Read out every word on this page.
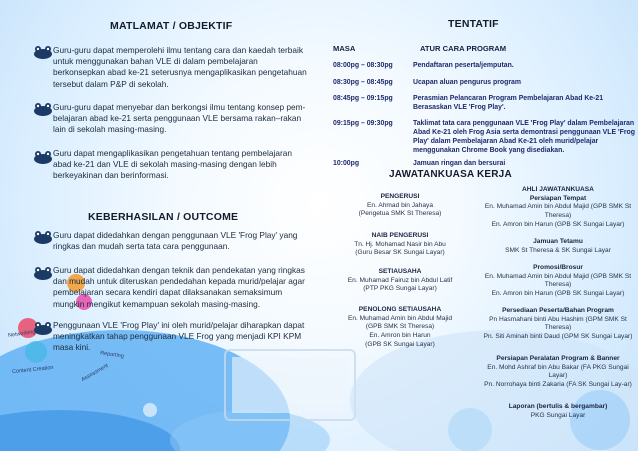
MATLAMAT / OBJEKTIF
Guru-guru dapat memperolehi ilmu tentang cara dan kaedah terbaik untuk menggunakan bahan VLE di dalam pembelajaran berkonsepkan abad ke-21 seterusnya mengaplikasikan pengetahuan tersebut dalam P&P di sekolah.
Guru-guru dapat menyebar dan berkongsi ilmu tentang konsep pem-belajaran abad ke-21 serta penggunaan VLE bersama rakan–rakan lain di sekolah masing-masing.
Guru dapat mengaplikasikan pengetahuan tentang pembelajaran abad ke-21 dan VLE di sekolah masing-masing dengan lebih berkeyakinan dan berinformasi.
KEBERHASILAN / OUTCOME
Guru dapat didedahkan dengan penggunaan VLE 'Frog Play' yang ringkas dan mudah serta tata cara penggunaan.
Guru dapat didedahkan dengan teknik dan pendekatan yang ringkas dan mudah untuk diteruskan pendedahan kepada murid/pelajar agar pembelajaran secara kendiri dapat dilaksanakan semaksimum mungkin mengikut kemampuan sekolah masing-masing.
Penggunaan VLE 'Frog Play' ini oleh murid/pelajar diharapkan dapat meningkatkan tahap penggunaan VLE Frog yang menjadi KPI KPM masa kini.
Networking
Content Creation
Reporting
Assessment
TENTATIF
MASA	ATUR CARA PROGRAM
08:00pg – 08:30pg	Pendaftaran peserta/jemputan.
08:30pg – 08:45pg	Ucapan aluan pengurus program
08:45pg – 09:15pg	Perasmian Pelancaran Program Pembelajaran Abad Ke-21 Berasaskan VLE 'Frog Play'.
09:15pg – 09:30pg	Taklimat tata cara penggunaan VLE 'Frog Play' dalam Pembelajaran Abad Ke-21 oleh Frog Asia serta demontrasi penggunaan VLE 'Frog Play' dalam Pembelajaran Abad Ke-21 oleh murid/pelajar menggunakan Chrome Book yang disediakan.
10:00pg	Jamuan ringan dan bersurai
JAWATANKUASA KERJA
PENGERUSI
En. Ahmad bin Jahaya
(Pengetua SMK St Theresa)
NAIB PENGERUSI
Tn. Hj. Mohamad Nasir bin Abu
(Guru Besar SK Sungai Layar)
SETIAUSAHA
En. Muhamad Fairuz bin Abdul Latif
(PTP PKG Sungai Layar)
PENOLONG SETIAUSAHA
En. Muhamad Amin bin Abdul Majid
(GPB SMK St Theresa)
En. Amron bin Harun
(GPB SK Sungai Layar)
AHLI JAWATANKUASA
Persiapan Tempat
En. Muhamad Amin bin Abdul Majid (GPB SMK St Theresa)
En. Amron bin Harun (GPB SK Sungai Layar)
Jamuan Tetamu
SMK St Theresa & SK Sungai Layar
Promosi/Brosur
En. Muhamad Amin bin Abdul Majid (GPB SMK St Theresa)
En. Amron bin Harun (GPB SK Sungai Layar)
Persediaan Peserta/Bahan Program
Pn Hasmahani binti Abu Hashim (GPM SMK St Theresa)
Pn. Siti Aminah binti Daud (GPM SK Sungai Layar)
Persiapan Peralatan Program & Banner
En. Mohd Ashraf bin Abu Bakar (FA PKG Sungai Layar)
Pn. Norrohaya binti Zakaria (FA SK Sungai Lay-ar)
Laporan (bertulis & bergambar)
PKG Sungai Layar
